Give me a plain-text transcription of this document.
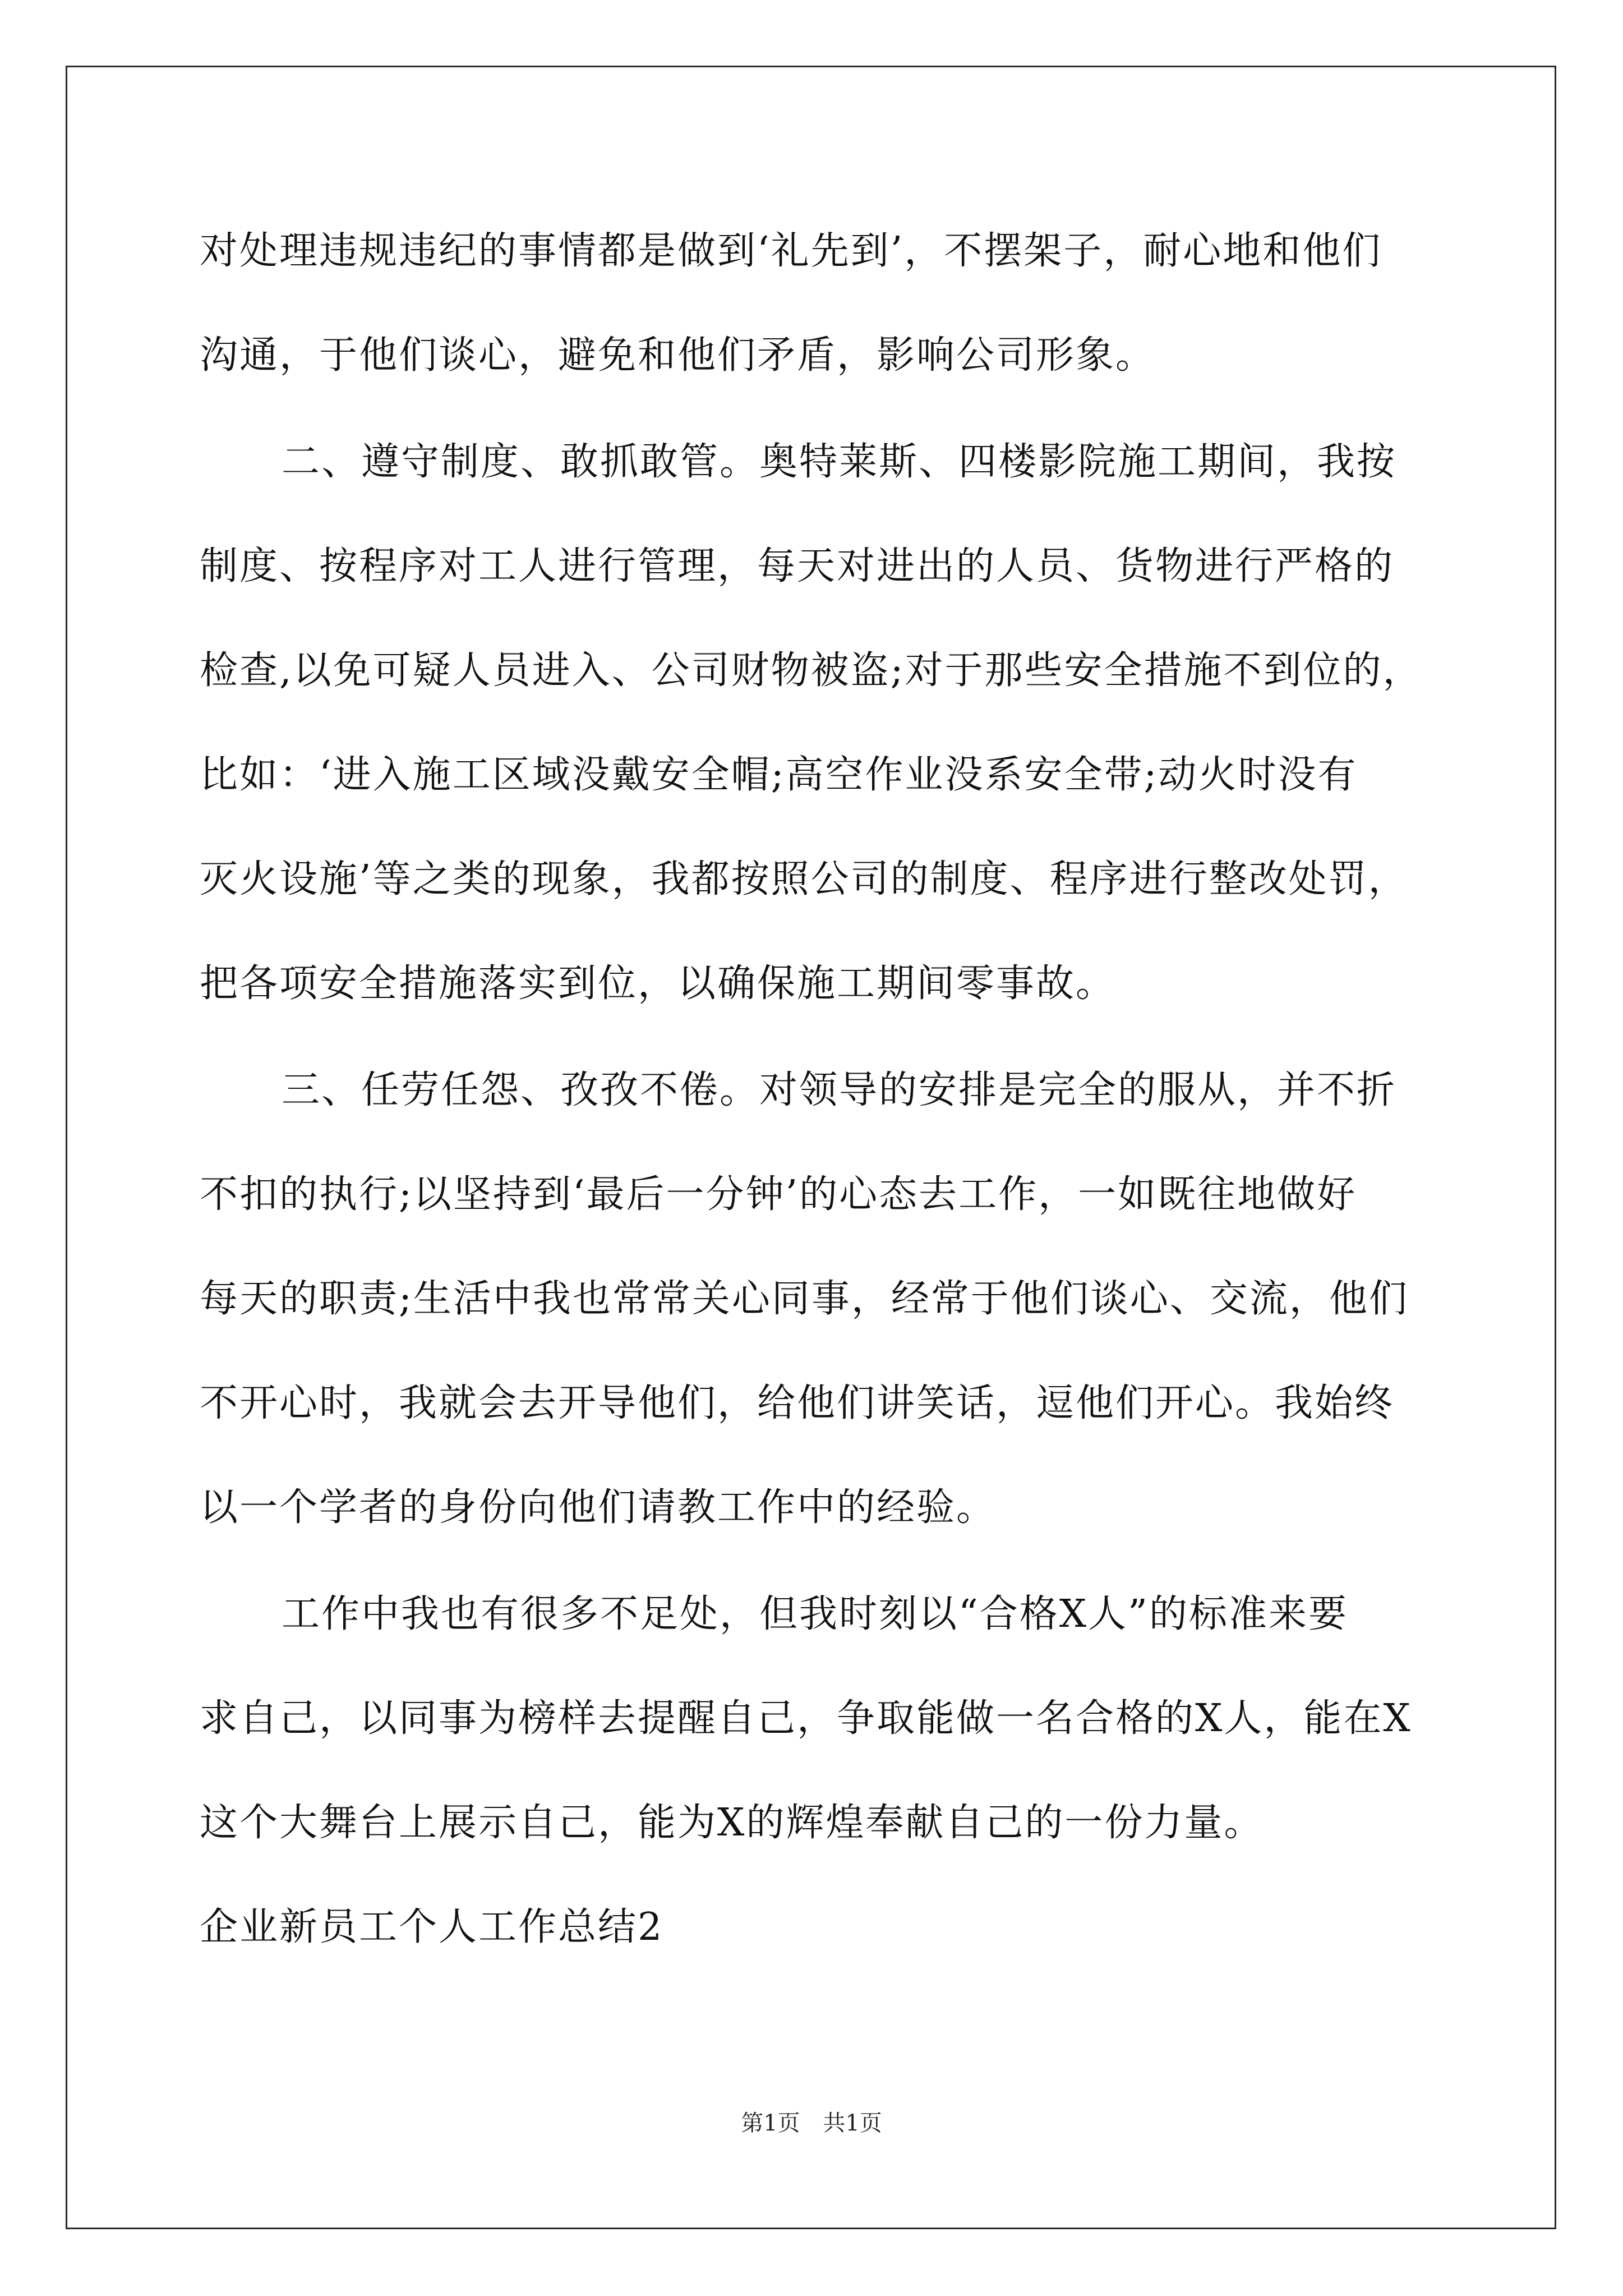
对处理违规违纪的事情都是做到‘礼先到’，不摆架子，耐心地和他们
沟通，于他们谈心，避免和他们矛盾，影响公司形象。
二、遵守制度、敢抓敢管。奥特莱斯、四楼影院施工期间，我按
制度、按程序对工人进行管理，每天对进出的人员、货物进行严格的
检查,以免可疑人员进入、公司财物被盗;对于那些安全措施不到位的，
比如：‘进入施工区域没戴安全帽;高空作业没系安全带;动火时没有
灭火设施’等之类的现象，我都按照公司的制度、程序进行整改处罚，
把各项安全措施落实到位，以确保施工期间零事故。
三、任劳任怨、孜孜不倦。对领导的安排是完全的服从，并不折
不扣的执行;以坚持到‘最后一分钟’的心态去工作，一如既往地做好
每天的职责;生活中我也常常关心同事，经常于他们谈心、交流，他们
不开心时，我就会去开导他们，给他们讲笑话，逗他们开心。我始终
以一个学者的身份向他们请教工作中的经验。
工作中我也有很多不足处，但我时刻以“合格X人”的标准来要
求自己，以同事为榜样去提醒自己，争取能做一名合格的X人，能在X
这个大舞台上展示自己，能为X的辉煌奉献自己的一份力量。
企业新员工个人工作总结2
第1页 共1页
